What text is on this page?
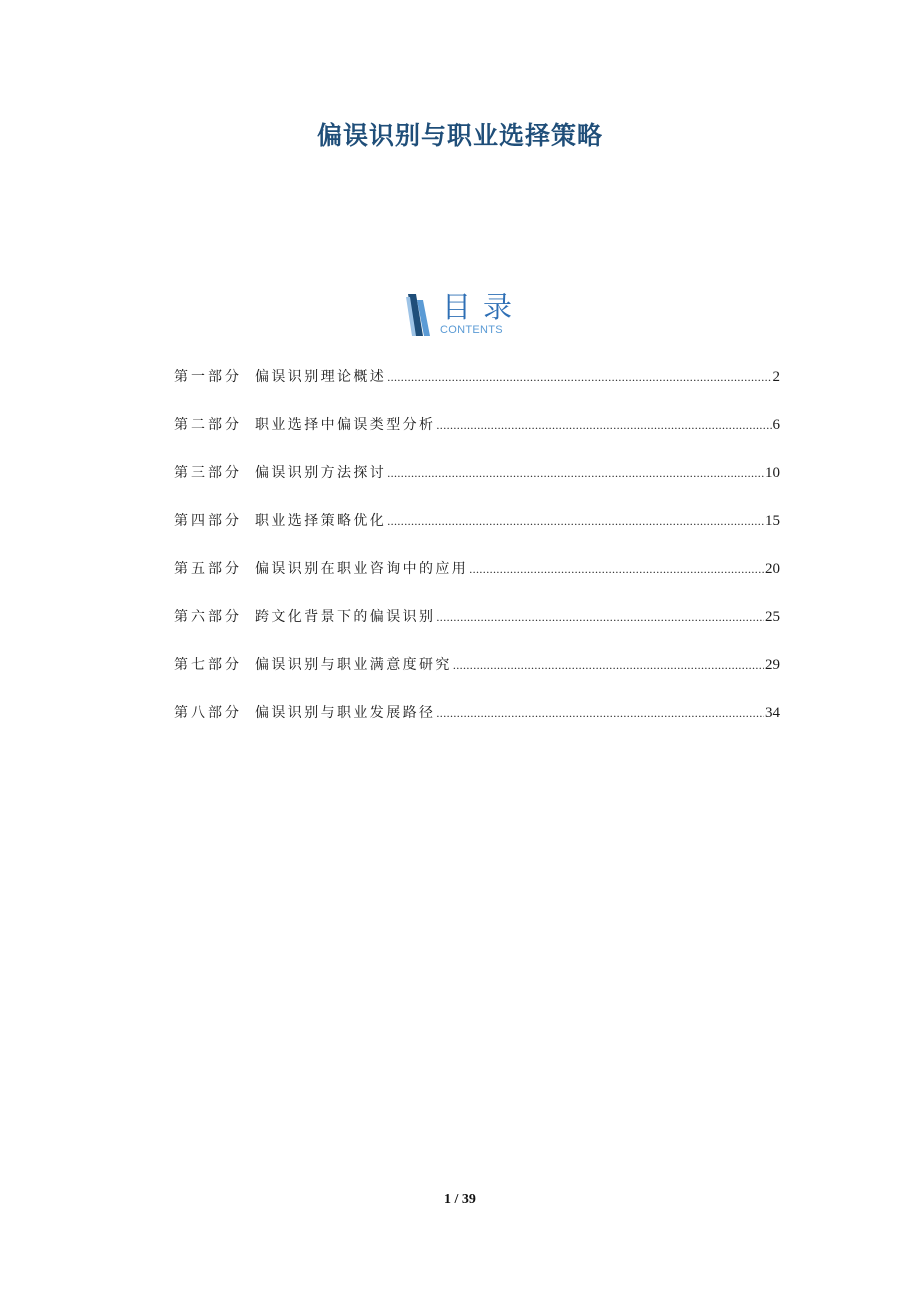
偏误识别与职业选择策略
目录
CONTENTS
第一部分 偏误识别理论概述 .....	2
第二部分 职业选择中偏误类型分析 .....	6
第三部分 偏误识别方法探讨 .....	10
第四部分 职业选择策略优化 .....	15
第五部分 偏误识别在职业咨询中的应用 .....	20
第六部分 跨文化背景下的偏误识别 .....	25
第七部分 偏误识别与职业满意度研究 .....	29
第八部分 偏误识别与职业发展路径 .....	34
1 / 39
